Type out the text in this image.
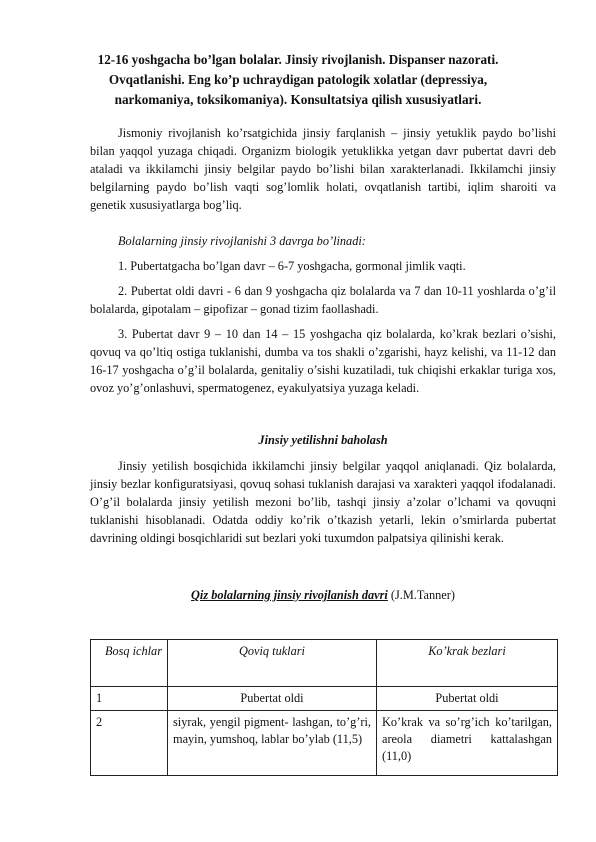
12-16 yoshgacha bo’lgan bolalar. Jinsiy rivojlanish. Dispanser nazorati. Ovqatlanishi. Eng ko’p uchraydigan patologik xolatlar (depressiya, narkomaniya, toksikomaniya). Konsultatsiya qilish xususiyatlari.

Jismoniy rivojlanish ko’rsatgichida jinsiy farqlanish – jinsiy yetuklik paydo bo’lishi bilan yaqqol yuzaga chiqadi. Organizm biologik yetuklikka yetgan davr pubertat davri deb ataladi va ikkilamchi jinsiy belgilar paydo bo’lishi bilan xarakterlanadi. Ikkilamchi jinsiy belgilarning paydo bo’lish vaqti sog’lomlik holati, ovqatlanish tartibi, iqlim sharoiti va genetik xususiyatlarga bog’liq.

Bolalarning jinsiy rivojlanishi 3 davrga bo’linadi:

1. Pubertatgacha bo’lgan davr – 6-7 yoshgacha, gormonal jimlik vaqti.

2. Pubertat oldi davri - 6 dan 9 yoshgacha qiz bolalarda va 7 dan 10-11 yoshlarda o’g’il bolalarda, gipotalam – gipofizar – gonad tizim faollashadi.

3. Pubertat davr 9 – 10 dan 14 – 15 yoshgacha qiz bolalarda, ko’krak bezlari o’sishi, qovuq va qo’ltiq ostiga tuklanishi, dumba va tos shakli o’zgarishi, hayz kelishi, va 11-12 dan 16-17 yoshgacha o’g’il bolalarda, genitaliy o’sishi kuzatiladi, tuk chiqishi erkaklar turiga xos, ovoz yo’g’onlashuvi, spermatogenez, eyakulyatsiya yuzaga keladi.

Jinsiy yetilishni baholash

Jinsiy yetilish bosqichida ikkilamchi jinsiy belgilar yaqqol aniqlanadi. Qiz bolalarda, jinsiy bezlar konfiguratsiyasi, qovuq sohasi tuklanish darajasi va xarakteri yaqqol ifodalanadi. O’g’il bolalarda jinsiy yetilish mezoni bo’lib, tashqi jinsiy a’zolar o’lchami va qovuqni tuklanishi hisoblanadi. Odatda oddiy ko’rik o’tkazish yetarli, lekin o’smirlarda pubertat davrining oldingi bosqichlaridi sut bezlari yoki tuxumdon palpatsiya qilinishi kerak.

Qiz bolalarning jinsiy rivojlanish davri (J.M.Tanner)
Bosq ichlar	Qoviq tuklari	Ko’krak bezlari
1	Pubertat oldi	Pubertat oldi
2	siyrak, yengil pigment- lashgan, to’g’ri, mayin, yumshoq, lablar bo’ylab (11,5)	Ko’krak va so’rg’ich ko’tarilgan, areola diametri kattalashgan (11,0)
